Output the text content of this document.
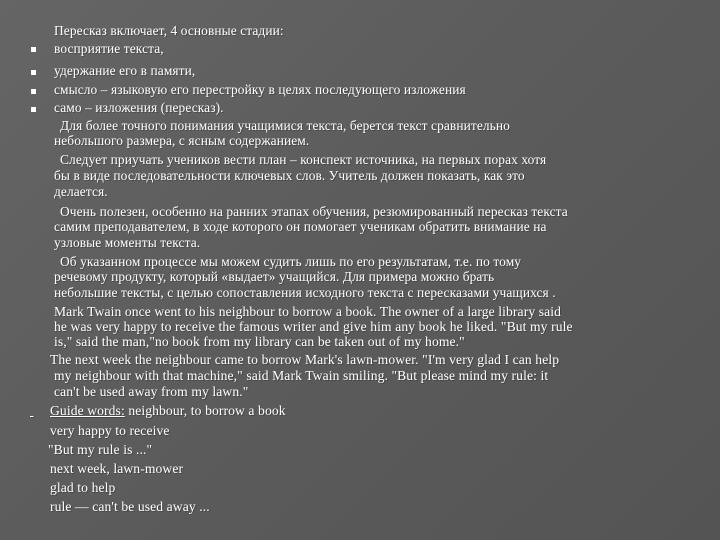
Пересказ включает, 4 основные стадии:
восприятие текста,
удержание его в памяти,
смысло – языковую его перестройку в целях последующего изложения
само – изложения (пересказ).
Для более точного понимания учащимися текста, берется текст сравнительно
небольшого размера, с ясным содержанием.
Следует приучать учеников вести план – конспект источника, на первых порах хотя
бы в виде последовательности ключевых слов. Учитель должен показать, как это
делается.
Очень полезен, особенно на ранних этапах обучения, резюмированный пересказ текста
самим преподавателем, в ходе которого он помогает ученикам обратить внимание на
узловые моменты текста.
Об указанном процессе мы можем судить лишь по его результатам, т.е. по тому
речевому продукту, который «выдает» учащийся. Для примера можно брать
небольшие тексты, с целью сопоставления исходного текста с пересказами учащихся .
Mark Twain once went to his neighbour to borrow a book. The owner of a large library said
he was very happy to receive the famous writer and give him any book he liked. "But my rule
is," said the man,"no book from my library can be taken out of my home."
The next week the neighbour came to borrow Mark's lawn-mower. "I'm very glad I can help
my neighbour with that machine," said Mark Twain smiling. "But please mind my rule: it
can't be used away from my lawn."
Guide words: neighbour, to borrow a book
very happy to receive
"But my rule is ..."
next week, lawn-mower
glad to help
rule — can't be used away ...
